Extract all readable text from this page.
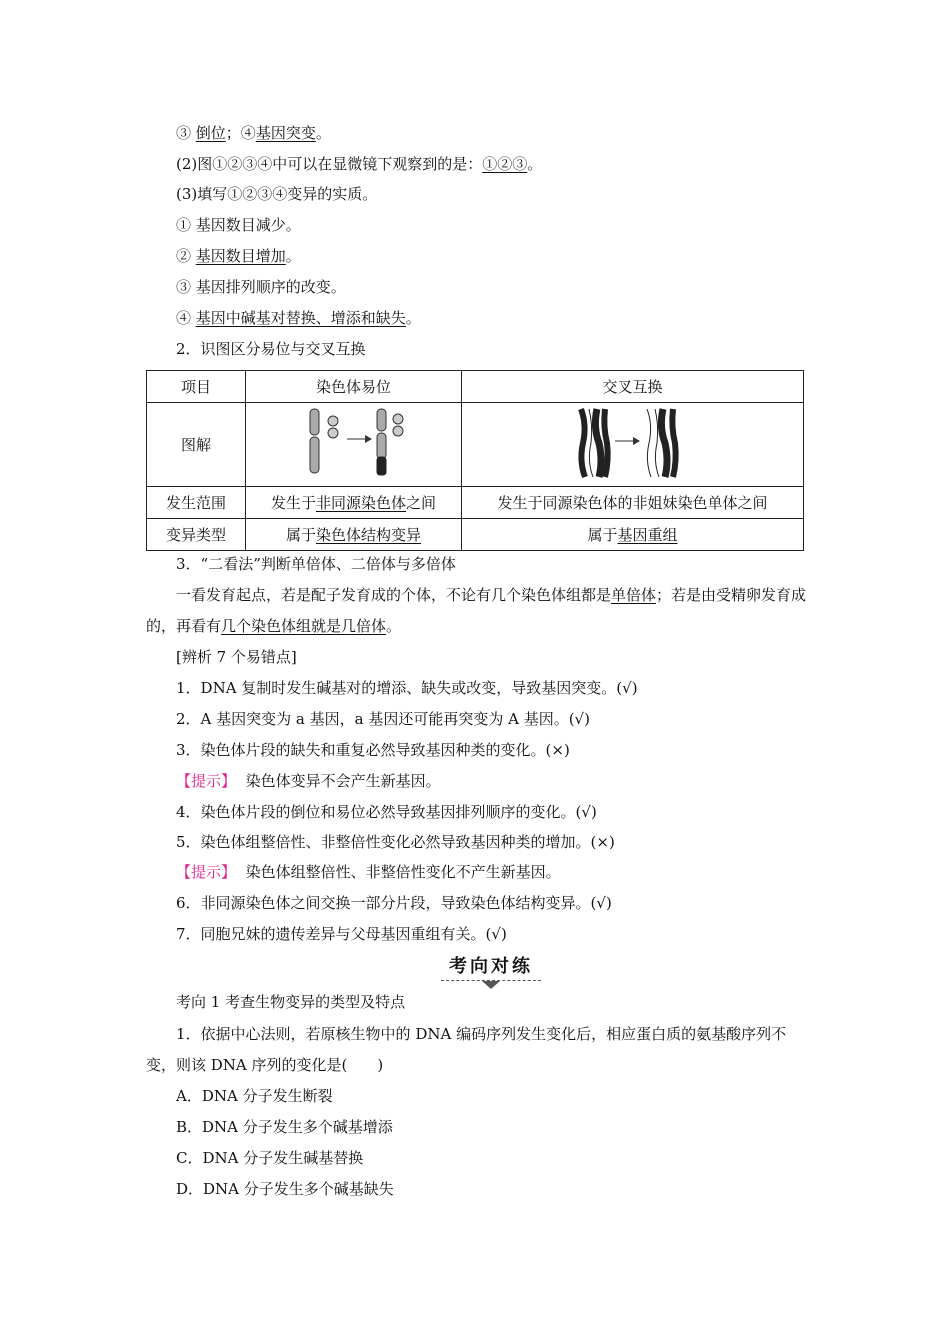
③ 倒位；④基因突变。
(2)图①②③④中可以在显微镜下观察到的是：①②③。
(3)填写①②③④变异的实质。
① 基因数目减少。
② 基因数目增加。
③ 基因排列顺序的改变。
④ 基因中碱基对替换、增添和缺失。
2．识图区分易位与交叉互换
项目	染色体易位	交叉互换
图解		
发生范围	发生于非同源染色体之间	发生于同源染色体的非姐妹染色单体之间
变异类型	属于染色体结构变异	属于基因重组
3．“二看法”判断单倍体、二倍体与多倍体
一看发育起点，若是配子发育成的个体，不论有几个染色体组都是单倍体；若是由受精卵发育成的，再看有几个染色体组就是几倍体。
[辨析 7 个易错点]
1．DNA 复制时发生碱基对的增添、缺失或改变，导致基因突变。(√)
2．A 基因突变为 a 基因，a 基因还可能再突变为 A 基因。(√)
3．染色体片段的缺失和重复必然导致基因种类的变化。(×)
【提示】 染色体变异不会产生新基因。
4．染色体片段的倒位和易位必然导致基因排列顺序的变化。(√)
5．染色体组整倍性、非整倍性变化必然导致基因种类的增加。(×)
【提示】 染色体组整倍性、非整倍性变化不产生新基因。
6．非同源染色体之间交换一部分片段，导致染色体结构变异。(√)
7．同胞兄妹的遗传差异与父母基因重组有关。(√)
考向对练
考向 1 考查生物变异的类型及特点
1．依据中心法则，若原核生物中的 DNA 编码序列发生变化后，相应蛋白质的氨基酸序列不变，则该 DNA 序列的变化是(　　)
A．DNA 分子发生断裂
B．DNA 分子发生多个碱基增添
C．DNA 分子发生碱基替换
D．DNA 分子发生多个碱基缺失
